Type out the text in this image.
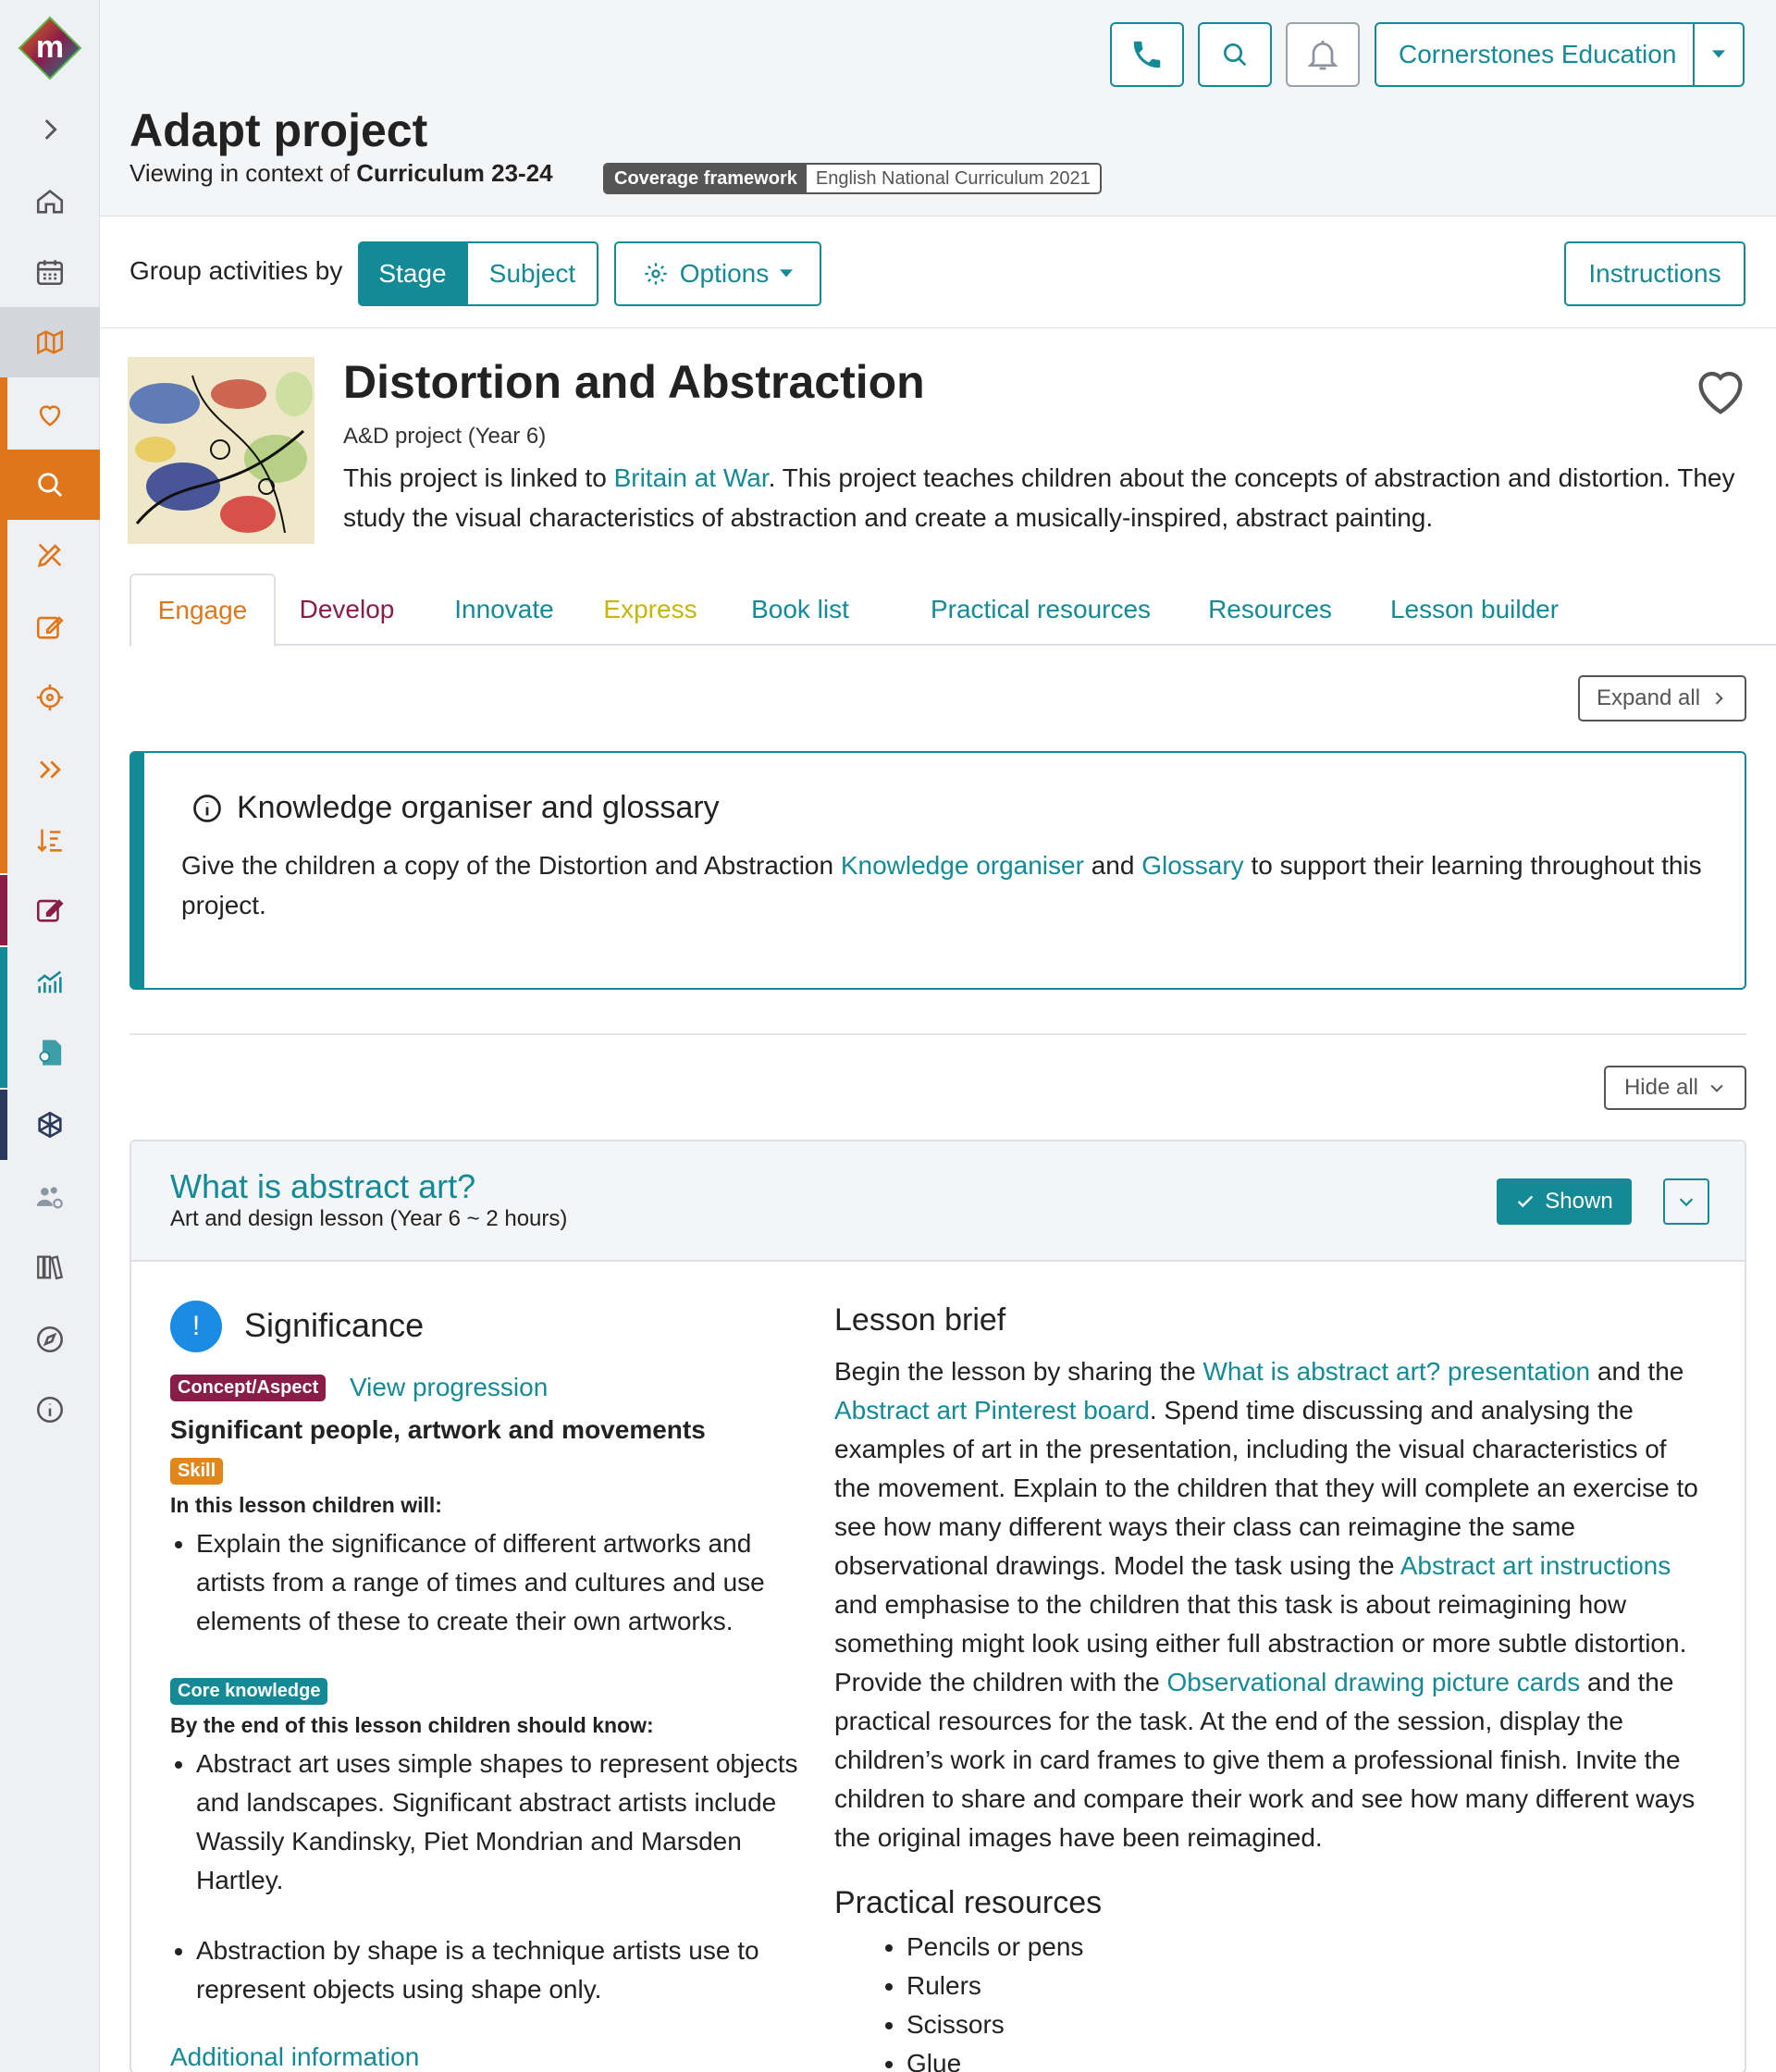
m	Cornerstones Education
Adapt project
Viewing in context of Curriculum 23-24	Coverage framework	English National Curriculum 2021
Group activities by Stage Subject	Options	Instructions
Distortion and Abstraction
A&D project (Year 6)

This project is linked to Britain at War. This project teaches children about the concepts of abstraction and distortion. They study the visual characteristics of abstraction and create a musically-inspired, abstract painting.

Engage Develop Innovate Express Book list	Practical resources Resources Lesson builder
Expand all
Knowledge organiser and glossary

Give the children a copy of the Distortion and Abstraction Knowledge organiser and Glossary to support their learning throughout this project.

Hide all
What is abstract art?
Art and design lesson (Year 6 ~ 2 hours)
Shown
!	Significance
Concept/Aspect View progression
Significant people, artwork and movements
Skill
In this lesson children will:
• Explain the significance of different artworks and artists from a range of times and cultures and use elements of these to create their own artworks.
Core knowledge
By the end of this lesson children should know:
• Abstract art uses simple shapes to represent objects and landscapes. Significant abstract artists include Wassily Kandinsky, Piet Mondrian and Marsden Hartley.
• Abstraction by shape is a technique artists use to represent objects using shape only.
Additional information
Lesson brief

Begin the lesson by sharing the What is abstract art? presentation and the Abstract art Pinterest board. Spend time discussing and analysing the examples of art in the presentation, including the visual characteristics of the movement. Explain to the children that they will complete an exercise to see how many different ways their class can reimagine the same observational drawings. Model the task using the Abstract art instructions and emphasise to the children that this task is about reimagining how something might look using either full abstraction or more subtle distortion. Provide the children with the Observational drawing picture cards and the practical resources for the task. At the end of the session, display the children’s work in card frames to give them a professional finish. Invite the children to share and compare their work and see how many different ways the original images have been reimagined.

Practical resources
• Pencils or pens
• Rulers
• Scissors
• Glue
